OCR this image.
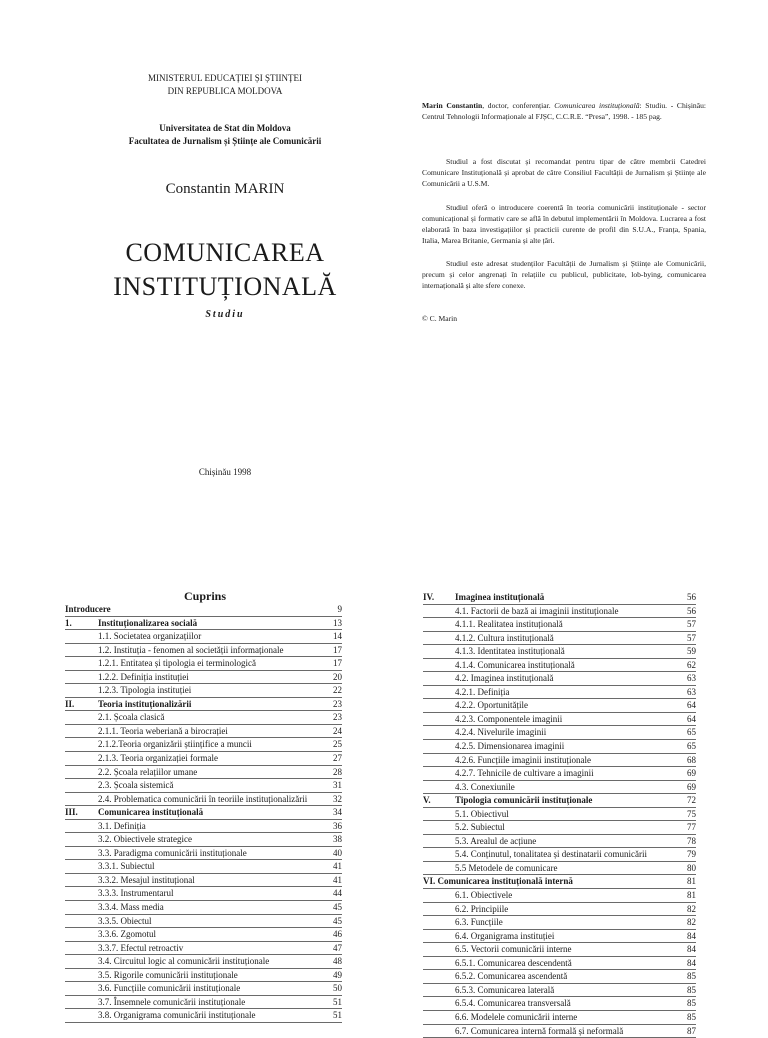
MINISTERUL EDUCAȚIEI ȘI ȘTIINȚEI
DIN REPUBLICA MOLDOVA
Universitatea de Stat din Moldova
Facultatea de Jurnalism și Științe ale Comunicării
Constantin MARIN
COMUNICAREA
INSTITUȚIONALĂ
Studiu
Chișinău 1998
Marin Constantin, doctor, conferențiar. Comunicarea instituțională: Studiu. - Chișinău: Centrul Tehnologii Informaționale al FJȘC, C.C.R.E. “Presa”, 1998. - 185 pag.
Studiul a fost discutat și recomandat pentru tipar de către membrii Catedrei Comunicare Instituțională și aprobat de către Consiliul Facultății de Jurnalism și Științe ale Comunicării a U.S.M.
Studiul oferă o introducere coerentă în teoria comunicării instituționale - sector comunicațional și formativ care se află în debutul implementării în Moldova. Lucrarea a fost elaborată în baza investigațiilor și practicii curente de profil din S.U.A., Franța, Spania, Italia, Marea Britanie, Germania și alte țări.
Studiul este adresat studenților Facultății de Jurnalism și Științe ale Comunicării, precum și celor angrenați în relațiile cu publicul, publicitate, lob-bying, comunicarea internațională și alte sfere conexe.
© C. Marin
Cuprins
Introducere	9
1.	Instituționalizarea socială	13
1.1. Societatea organizațiilor	14
1.2. Instituția - fenomen al societății informaționale	17
1.2.1. Entitatea și tipologia ei terminologică	17
1.2.2. Definiția instituției	20
1.2.3. Tipologia instituției	22
II.	Teoria instituționalizării	23
2.1. Școala clasică	23
2.1.1. Teoria weberiană a birocrației	24
2.1.2.Teoria organizării științifice a muncii	25
2.1.3. Teoria organizației formale	27
2.2. Școala relațiilor umane	28
2.3. Școala sistemică	31
2.4. Problematica comunicării în teoriile instituționalizării	32
III. Comunicarea instituțională	34
3.1. Definiția	36
3.2. Obiectivele strategice	38
3.3. Paradigma comunicării instituționale	40
3.3.1. Subiectul	41
3.3.2. Mesajul instituțional	41
3.3.3. Instrumentarul	44
3.3.4. Mass media	45
3.3.5. Obiectul	45
3.3.6. Zgomotul	46
3.3.7. Efectul retroactiv	47
3.4. Circuitul logic al comunicării instituționale	48
3.5. Rigorile comunicării instituționale	49
3.6. Funcțiile comunicării instituționale	50
3.7. Însemnele comunicării instituționale	51
3.8. Organigrama comunicării instituționale	51
IV. Imaginea instituțională	56
4.1. Factorii de bază ai imaginii instituționale	56
4.1.1. Realitatea instituțională	57
4.1.2. Cultura instituțională	57
4.1.3. Identitatea instituțională	59
4.1.4. Comunicarea instituțională	62
4.2. Imaginea instituțională	63
4.2.1. Definiția	63
4.2.2. Oportunitățile	64
4.2.3. Componentele imaginii	64
4.2.4. Nivelurile imaginii	65
4.2.5. Dimensionarea imaginii	65
4.2.6. Funcțiile imaginii instituționale	68
4.2.7. Tehnicile de cultivare a imaginii	69
4.3. Conexiunile	69
V.	Tipologia comunicării instituționale	72
5.1. Obiectivul	75
5.2. Subiectul	77
5.3. Arealul de acțiune	78
5.4. Conținutul, tonalitatea și destinatarii comunicării	79
5.5 Metodele de comunicare	80
VI. Comunicarea instituțională internă	81
6.1. Obiectivele	81
6.2. Principiile	82
6.3. Funcțiile	82
6.4. Organigrama instituției	84
6.5. Vectorii comunicării interne	84
6.5.1. Comunicarea descendentă	84
6.5.2. Comunicarea ascendentă	85
6.5.3. Comunicarea laterală	85
6.5.4. Comunicarea transversală	85
6.6. Modelele comunicării interne	85
6.7. Comunicarea internă formală și neformală	87
